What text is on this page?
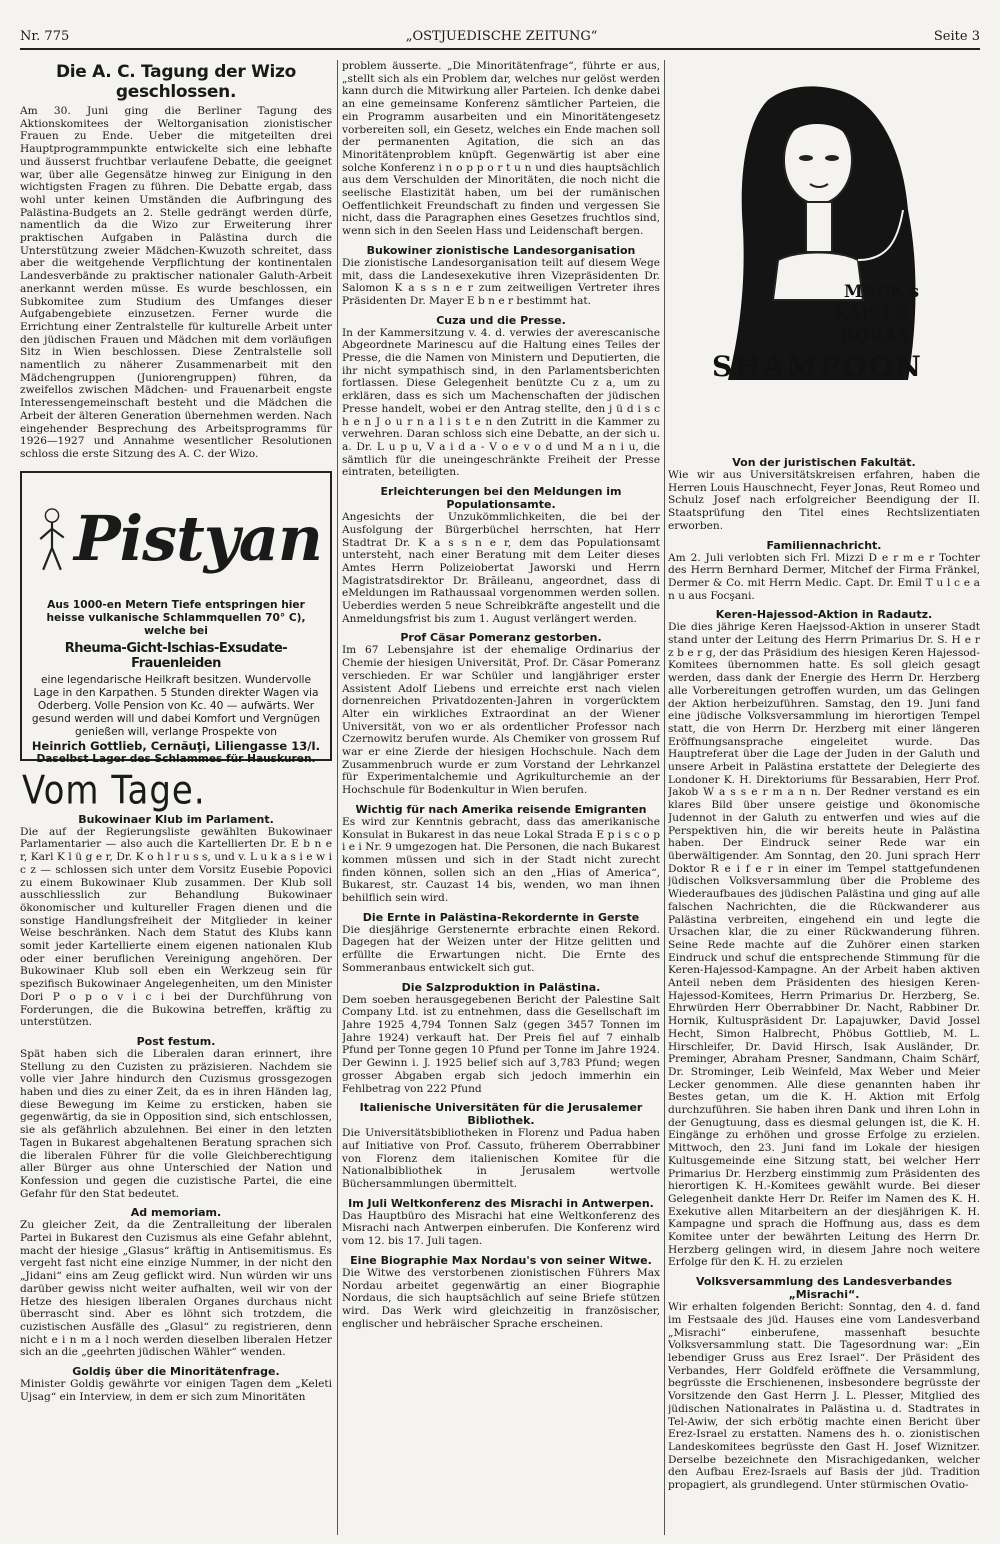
Nr. 775	„OSTJUEDISCHE ZEITUNG“	Seite 3
Die A. C. Tagung der Wizo geschlossen.

Am 30. Juni ging die Berliner Tagung des Aktionskomitees der Weltorganisation zionistischer Frauen zu Ende. Ueber die mitgeteilten drei Hauptprogrammpunkte entwickelte sich eine lebhafte und äusserst fruchtbar verlaufene Debatte, die geeignet war, über alle Gegensätze hinweg zur Einigung in den wichtigsten Fragen zu führen. Die Debatte ergab, dass wohl unter keinen Umständen die Aufbringung des Palästina-Budgets an 2. Stelle gedrängt werden dürfe, namentlich da die Wizo zur Erweiterung ihrer praktischen Aufgaben in Palästina durch die Unterstützung zweier Mädchen-Kwuzoth schreitet, dass aber die weitgehende Verpflichtung der kontinentalen Landesverbände zu praktischer nationaler Galuth-Arbeit anerkannt werden müsse. Es wurde beschlossen, ein Subkomitee zum Studium des Umfanges dieser Aufgabengebiete einzusetzen. Ferner wurde die Errichtung einer Zentralstelle für kulturelle Arbeit unter den jüdischen Frauen und Mädchen mit dem vorläufigen Sitz in Wien beschlossen. Diese Zentralstelle soll namentlich zu näherer Zusammenarbeit mit den Mädchengruppen (Juniorengruppen) führen, da zweifellos zwischen Mädchen- und Frauenarbeit engste Interessengemeinschaft besteht und die Mädchen die Arbeit der älteren Generation übernehmen werden. Nach eingehender Besprechung des Arbeitsprogramms für 1926—1927 und Annahme wesentlicher Resolutionen schloss die erste Sitzung des A. C. der Wizo.

Pistyan
Aus 1000-en Metern Tiefe entspringen hier heisse vulkanische Schlammquellen 70° C), welche bei
Rheuma-Gicht-Ischias-Exsudate-Frauenleiden
eine legendarische Heilkraft besitzen. Wundervolle Lage in den Karpathen. 5 Stunden direkter Wagen via Oderberg. Volle Pension von Kc. 40 — aufwärts. Wer gesund werden will und dabei Komfort und Vergnügen genießen will, verlange Prospekte von
Heinrich Gottlieb, Cernăuţi, Liliengasse 13/I.
Daselbst Lager des Schlammes für Hauskuren.
Vom Tage.
Bukowinaer Klub im Parlament.

Die auf der Regierungsliste gewählten Bukowinaer Parlamentarier — also auch die Kartellierten Dr. E b n e r, Karl K l ü g e r, Dr. K o h l r u s s, und v. L u k a s i e w i c z — schlossen sich unter dem Vorsitz Eusebie Popovici zu einem Bukowinaer Klub zusammen. Der Klub soll ausschliesslich zur Behandlung Bukowinaer ökonomischer und kultureller Fragen dienen und die sonstige Handlungsfreiheit der Mitglieder in keiner Weise beschränken. Nach dem Statut des Klubs kann somit jeder Kartellierte einem eigenen nationalen Klub oder einer beruflichen Vereinigung angehören. Der Bukowinaer Klub soll eben ein Werkzeug sein für spezifisch Bukowinaer Angelegenheiten, um den Minister Dori P o p o v i c i bei der Durchführung von Forderungen, die die Bukowina betreffen, kräftig zu unterstützen.

Post festum.

Spät haben sich die Liberalen daran erinnert, ihre Stellung zu den Cuzisten zu präzisieren. Nachdem sie volle vier Jahre hindurch den Cuzismus grossgezogen haben und dies zu einer Zeit, da es in ihren Händen lag, diese Bewegung im Keime zu ersticken, haben sie gegenwärtig, da sie in Opposition sind, sich entschlossen, sie als gefährlich abzulehnen. Bei einer in den letzten Tagen in Bukarest abgehaltenen Beratung sprachen sich die liberalen Führer für die volle Gleichberechtigung aller Bürger aus ohne Unterschied der Nation und Konfession und gegen die cuzistische Partei, die eine Gefahr für den Stat bedeutet.

Ad memoriam.

Zu gleicher Zeit, da die Zentralleitung der liberalen Partei in Bukarest den Cuzismus als eine Gefahr ablehnt, macht der hiesige „Glasus“ kräftig in Antisemitismus. Es vergeht fast nicht eine einzige Nummer, in der nicht den „Jidani“ eins am Zeug geflickt wird. Nun würden wir uns darüber gewiss nicht weiter aufhalten, weil wir von der Hetze des hiesigen liberalen Organes durchaus nicht überrascht sind. Aber es löhnt sich trotzdem, die cuzistischen Ausfälle des „Glasul“ zu registrieren, denn nicht e i n m a l noch werden dieselben liberalen Hetzer sich an die „geehrten jüdischen Wähler“ wenden.

Goldiş über die Minoritätenfrage.

Minister Goldiş gewährte vor einigen Tagen dem „Keleti Ujsag“ ein Interview, in dem er sich zum Minoritäten

problem äusserte. „Die Minoritätenfrage“, führte er aus, „stellt sich als ein Problem dar, welches nur gelöst werden kann durch die Mitwirkung aller Parteien. Ich denke dabei an eine gemeinsame Konferenz sämtlicher Parteien, die ein Programm ausarbeiten und ein Minoritätengesetz vorbereiten soll, ein Gesetz, welches ein Ende machen soll der permanenten Agitation, die sich an das Minoritätenproblem knüpft. Gegenwärtig ist aber eine solche Konferenz i n o p p o r t u n und dies hauptsächlich aus dem Verschulden der Minoritäten, die noch nicht die seelische Elastizität haben, um bei der rumänischen Oeffentlichkeit Freundschaft zu finden und vergessen Sie nicht, dass die Paragraphen eines Gesetzes fruchtlos sind, wenn sich in den Seelen Hass und Leidenschaft bergen.

Bukowiner zionistische Landesorganisation

Die zionistische Landesorganisation teilt auf diesem Wege mit, dass die Landesexekutive ihren Vizepräsidenten Dr. Salomon K a s s n e r zum zeitweiligen Vertreter ihres Präsidenten Dr. Mayer E b n e r bestimmt hat.

Cuza und die Presse.

In der Kammersitzung v. 4. d. verwies der averescanische Abgeordnete Marinescu auf die Haltung eines Teiles der Presse, die die Namen von Ministern und Deputierten, die ihr nicht sympathisch sind, in den Parlamentsberichten fortlassen. Diese Gelegenheit benützte Cu z a, um zu erklären, dass es sich um Machenschaften der jüdischen Presse handelt, wobei er den Antrag stellte, den j ü d i s c h e n J o u r n a l i s t e n den Zutritt in die Kammer zu verwehren. Daran schloss sich eine Debatte, an der sich u. a. Dr. L u p u, V a i d a - V o e v o d und M a n i u, die sämtlich für die uneingeschränkte Freiheit der Presse eintraten, beteiligten.

Erleichterungen bei den Meldungen im Populationsamte.

Angesichts der Unzukömmlichkeiten, die bei der Ausfolgung der Bürgerbüchel herrschten, hat Herr Stadtrat Dr. K a s s n e r, dem das Populationsamt untersteht, nach einer Beratung mit dem Leiter dieses Amtes Herrn Polizeiobertat Jaworski und Herrn Magistratsdirektor Dr. Brăileanu, angeordnet, dass di eMeldungen im Rathaussaal vorgenommen werden sollen. Ueberdies werden 5 neue Schreibkräfte angestellt und die Anmeldungsfrist bis zum 1. August verlängert werden.

Prof Cäsar Pomeranz gestorben.

Im 67 Lebensjahre ist der ehemalige Ordinarius der Chemie der hiesigen Universität, Prof. Dr. Cäsar Pomeranz verschieden. Er war Schüler und langjähriger erster Assistent Adolf Liebens und erreichte erst nach vielen dornenreichen Privatdozenten-Jahren in vorgerücktem Alter ein wirkliches Extraordinat an der Wiener Universität, von wo er als ordentlicher Professor nach Czernowitz berufen wurde. Als Chemiker von grossem Ruf war er eine Zierde der hiesigen Hochschule. Nach dem Zusammenbruch wurde er zum Vorstand der Lehrkanzel für Experimentalchemie und Agrikulturchemie an der Hochschule für Bodenkultur in Wien berufen.

Wichtig für nach Amerika reisende Emigranten

Es wird zur Kenntnis gebracht, dass das amerikanische Konsulat in Bukarest in das neue Lokal Strada E p i s c o p i e i Nr. 9 umgezogen hat. Die Personen, die nach Bukarest kommen müssen und sich in der Stadt nicht zurecht finden können, sollen sich an den „Hias of America“, Bukarest, str. Cauzast 14 bis, wenden, wo man ihnen behilflich sein wird.

Die Ernte in Palästina-Rekordernte in Gerste

Die diesjährige Gerstenernte erbrachte einen Rekord. Dagegen hat der Weizen unter der Hitze gelitten und erfüllte die Erwartungen nicht. Die Ernte des Sommeranbaus entwickelt sich gut.

Die Salzproduktion in Palästina.

Dem soeben herausgegebenen Bericht der Palestine Salt Company Ltd. ist zu entnehmen, dass die Gesellschaft im Jahre 1925 4,794 Tonnen Salz (gegen 3457 Tonnen im Jahre 1924) verkauft hat. Der Preis fiel auf 7 einhalb Pfund per Tonne gegen 10 Pfund per Tonne im Jahre 1924. Der Gewinn i. J. 1925 belief sich auf 3,783 Pfund; wegen grosser Abgaben ergab sich jedoch immerhin ein Fehlbetrag von 222 Pfund

Italienische Universitäten für die Jerusalemer Bibliothek.

Die Universitätsbibliotheken in Florenz und Padua haben auf Initiative von Prof. Cassuto, früherem Oberrabbiner von Florenz dem italienischen Komitee für die Nationalbibliothek in Jerusalem wertvolle Büchersammlungen übermittelt.

Im Juli Weltkonferenz des Misrachi in Antwerpen.

Das Hauptbüro des Misrachi hat eine Weltkonferenz des Misrachi nach Antwerpen einberufen. Die Konferenz wird vom 12. bis 17. Juli tagen.

Eine Biographie Max Nordau's von seiner Witwe.

Die Witwe des verstorbenen zionistischen Führers Max Nordau arbeitet gegenwärtig an einer Biographie Nordaus, die sich hauptsächlich auf seine Briefe stützen wird. Das Werk wird gleichzeitig in französischer, englischer und hebräischer Sprache erscheinen.

MACK's
KAISER
BORAX
SHAMPOON
Von der juristischen Fakultät.

Wie wir aus Universitätskreisen erfahren, haben die Herren Louis Hauschnecht, Feyer Jonas, Reut Romeo und Schulz Josef nach erfolgreicher Beendigung der II. Staatsprüfung den Titel eines Rechtslizentiaten erworben.

Familiennachricht.

Am 2. Juli verlobten sich Frl. Mizzi D e r m e r Tochter des Herrn Bernhard Dermer, Mitchef der Firma Fränkel, Dermer & Co. mit Herrn Medic. Capt. Dr. Emil T u l c e a n u aus Focşani.

Keren-Hajessod-Aktion in Radautz.

Die dies jährige Keren Haejssod-Aktion in unserer Stadt stand unter der Leitung des Herrn Primarius Dr. S. H e r z b e r g, der das Präsidium des hiesigen Keren Hajessod-Komitees übernommen hatte. Es soll gleich gesagt werden, dass dank der Energie des Herrn Dr. Herzberg alle Vorbereitungen getroffen wurden, um das Gelingen der Aktion herbeizuführen. Samstag, den 19. Juni fand eine jüdische Volksversammlung im hierortigen Tempel statt, die von Herrn Dr. Herzberg mit einer längeren Eröffnungsansprache eingeleitet wurde. Das Hauptreferat über die Lage der Juden in der Galuth und unsere Arbeit in Palästina erstattete der Delegierte des Londoner K. H. Direktoriums für Bessarabien, Herr Prof. Jakob W a s s e r m a n n. Der Redner verstand es ein klares Bild über unsere geistige und ökonomische Judennot in der Galuth zu entwerfen und wies auf die Perspektiven hin, die wir bereits heute in Palästina haben. Der Eindruck seiner Rede war ein überwältigender. Am Sonntag, den 20. Juni sprach Herr Doktor R e i f e r in einer im Tempel stattgefundenen jüdischen Volksversammlung über die Probleme des Wiederaufbaues des jüdischen Palästina und ging auf alle falschen Nachrichten, die die Rückwanderer aus Palästina verbreiten, eingehend ein und legte die Ursachen klar, die zu einer Rückwanderung führen. Seine Rede machte auf die Zuhörer einen starken Eindruck und schuf die entsprechende Stimmung für die Keren-Hajessod-Kampagne. An der Arbeit haben aktiven Anteil neben dem Präsidenten des hiesigen Keren-Hajessod-Komitees, Herrn Primarius Dr. Herzberg, Se. Ehrwürden Herr Oberrabbiner Dr. Nacht, Rabbiner Dr. Hornik, Kultuspräsident Dr. Lapajuwker, David Jossel Hecht, Simon Halbrecht, Phöbus Gottlieb, M. L. Hirschleifer, Dr. David Hirsch, Isak Ausländer, Dr. Preminger, Abraham Presner, Sandmann, Chaim Schärf, Dr. Strominger, Leib Weinfeld, Max Weber und Meier Lecker genommen. Alle diese genannten haben ihr Bestes getan, um die K. H. Aktion mit Erfolg durchzuführen. Sie haben ihren Dank und ihren Lohn in der Genugtuung, dass es diesmal gelungen ist, die K. H. Eingänge zu erhöhen und grosse Erfolge zu erzielen. Mittwoch, den 23. Juni fand im Lokale der hiesigen Kultusgemeinde eine Sitzung statt, bei welcher Herr Primarius Dr. Herzberg einstimmig zum Präsidenten des hierortigen K. H.-Komitees gewählt wurde. Bei dieser Gelegenheit dankte Herr Dr. Reifer im Namen des K. H. Exekutive allen Mitarbeitern an der diesjährigen K. H. Kampagne und sprach die Hoffnung aus, dass es dem Komitee unter der bewährten Leitung des Herrn Dr. Herzberg gelingen wird, in diesem Jahre noch weitere Erfolge für den K. H. zu erzielen

Volksversammlung des Landesverbandes „Misrachi“.

Wir erhalten folgenden Bericht: Sonntag, den 4. d. fand im Festsaale des jüd. Hauses eine vom Landesverband „Misrachi“ einberufene, massenhaft besuchte Volksversammlung statt. Die Tagesordnung war: „Ein lebendiger Gruss aus Erez Israel“. Der Präsident des Verbandes, Herr Goldfeld eröffnete die Versammlung, begrüsste die Erschienenen, insbesondere begrüsste der Vorsitzende den Gast Herrn J. L. Plesser, Mitglied des jüdischen Nationalrates in Palästina u. d. Stadtrates in Tel-Awiw, der sich erbötig machte einen Bericht über Erez-Israel zu erstatten. Namens des h. o. zionistischen Landeskomitees begrüsste den Gast H. Josef Wiznitzer. Derselbe bezeichnete den Misrachigedanken, welcher den Aufbau Erez-Israels auf Basis der jüd. Tradition propagiert, als grundlegend. Unter stürmischen Ovatio-
